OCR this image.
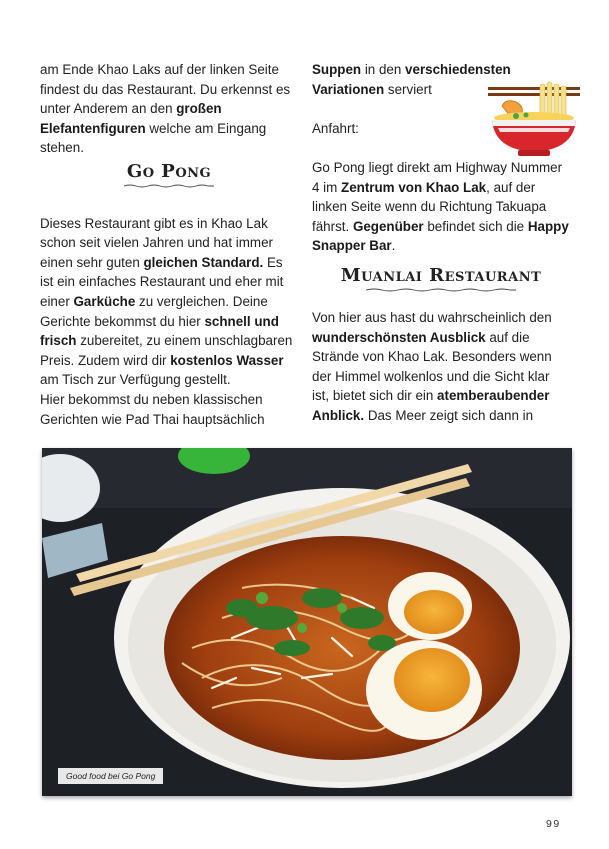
am Ende Khao Laks auf der linken Seite findest du das Restaurant. Du erkennst es unter Anderem an den großen Elefantenfiguren welche am Eingang stehen.

Go Pong

Dieses Restaurant gibt es in Khao Lak schon seit vielen Jahren und hat immer einen sehr guten gleichen Standard. Es ist ein einfaches Restaurant und eher mit einer Garküche zu vergleichen. Deine Gerichte bekommst du hier schnell und frisch zubereitet, zu einem unschlagbaren Preis. Zudem wird dir kostenlos Wasser am Tisch zur Verfügung gestellt.

Hier bekommst du neben klassischen Gerichten wie Pad Thai hauptsächlich

Suppen in den verschiedensten Variationen serviert

Anfahrt:

Go Pong liegt direkt am Highway Nummer 4 im Zentrum von Khao Lak, auf der linken Seite wenn du Richtung Takuapa fährst. Gegenüber befindet sich die Happy Snapper Bar.

Muanlai Restaurant

Von hier aus hast du wahrscheinlich den wunderschönsten Ausblick auf die Strände von Khao Lak. Besonders wenn der Himmel wolkenlos und die Sicht klar ist, bietet sich dir ein atemberaubender Anblick. Das Meer zeigt sich dann in

Good food bei Go Pong
99
